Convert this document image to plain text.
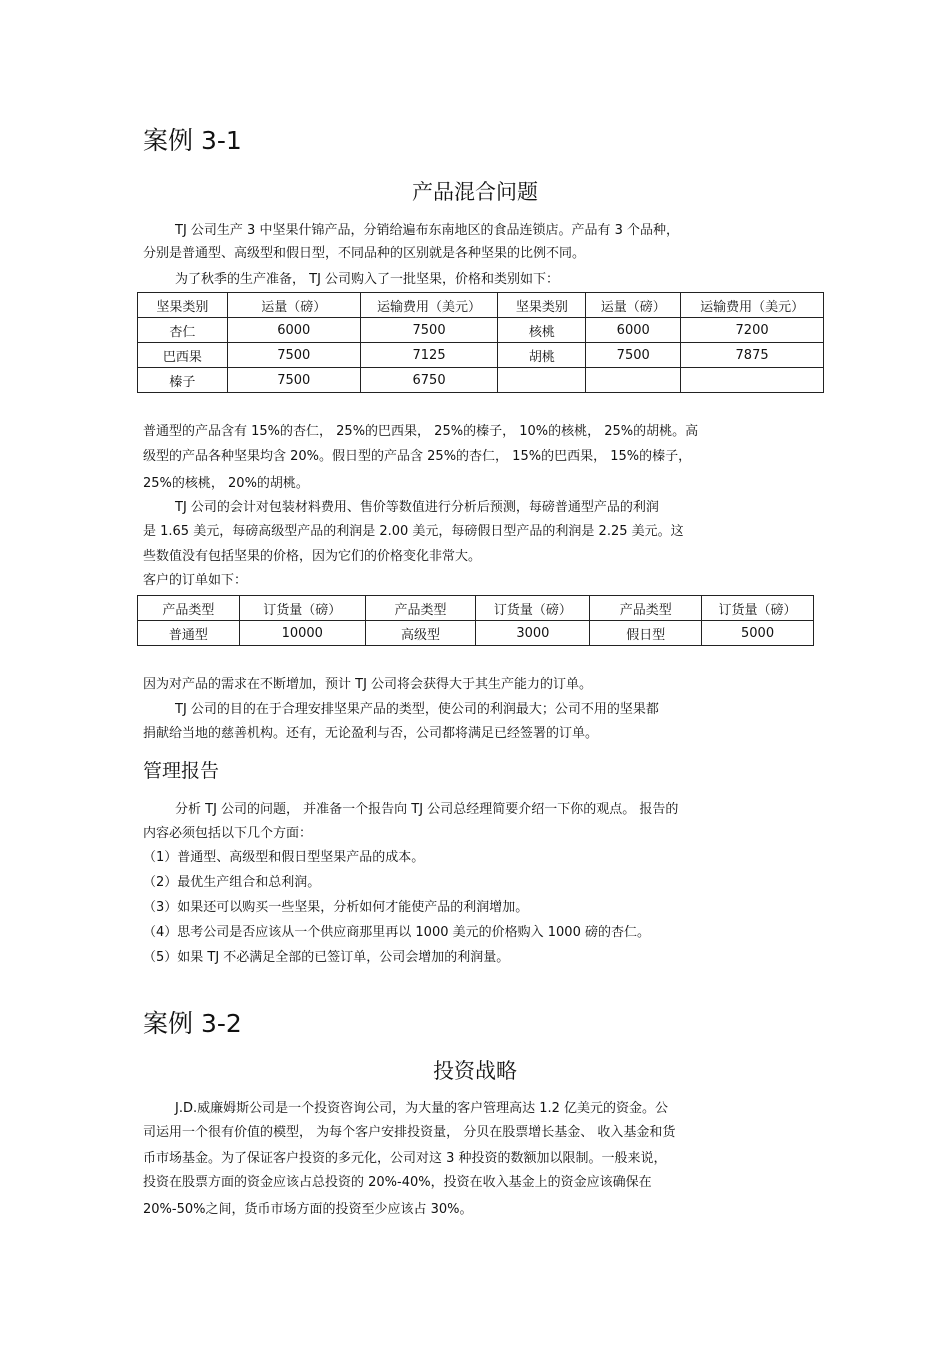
案例 3-1
产品混合问题
TJ 公司生产 3 中坚果什锦产品，分销给遍布东南地区的食品连锁店。产品有 3 个品种，
分别是普通型、高级型和假日型，不同品种的区别就是各种坚果的比例不同。
为了秋季的生产准备， TJ 公司购入了一批坚果，价格和类别如下：
坚果类别	运量（磅）	运输费用（美元）	坚果类别	运量（磅）	运输费用（美元）
杏仁	6000	7500	核桃	6000	7200
巴西果	7500	7125	胡桃	7500	7875
榛子	7500	6750			
普通型的产品含有 15%的杏仁， 25%的巴西果， 25%的榛子， 10%的核桃， 25%的胡桃。高
级型的产品各种坚果均含 20%。假日型的产品含 25%的杏仁， 15%的巴西果， 15%的榛子，
25%的核桃， 20%的胡桃。
TJ 公司的会计对包装材料费用、售价等数值进行分析后预测，每磅普通型产品的利润
是 1.65 美元，每磅高级型产品的利润是 2.00 美元，每磅假日型产品的利润是 2.25 美元。这
些数值没有包括坚果的价格，因为它们的价格变化非常大。
客户的订单如下：
产品类型	订货量（磅）	产品类型	订货量（磅）	产品类型	订货量（磅）
普通型	10000	高级型	3000	假日型	5000
因为对产品的需求在不断增加，预计 TJ 公司将会获得大于其生产能力的订单。
TJ 公司的目的在于合理安排坚果产品的类型，使公司的利润最大；公司不用的坚果都
捐献给当地的慈善机构。还有，无论盈利与否，公司都将满足已经签署的订单。
管理报告
分析 TJ 公司的问题， 并准备一个报告向 TJ 公司总经理简要介绍一下你的观点。 报告的
内容必须包括以下几个方面：
（1）普通型、高级型和假日型坚果产品的成本。
（2）最优生产组合和总利润。
（3）如果还可以购买一些坚果，分析如何才能使产品的利润增加。
（4）思考公司是否应该从一个供应商那里再以 1000 美元的价格购入 1000 磅的杏仁。
（5）如果 TJ 不必满足全部的已签订单，公司会增加的利润量。
案例 3-2
投资战略
J.D.威廉姆斯公司是一个投资咨询公司，为大量的客户管理高达 1.2 亿美元的资金。公
司运用一个很有价值的模型， 为每个客户安排投资量， 分贝在股票增长基金、 收入基金和货
币市场基金。为了保证客户投资的多元化，公司对这 3 种投资的数额加以限制。一般来说，
投资在股票方面的资金应该占总投资的 20%-40%，投资在收入基金上的资金应该确保在
20%-50%之间，货币市场方面的投资至少应该占 30%。
